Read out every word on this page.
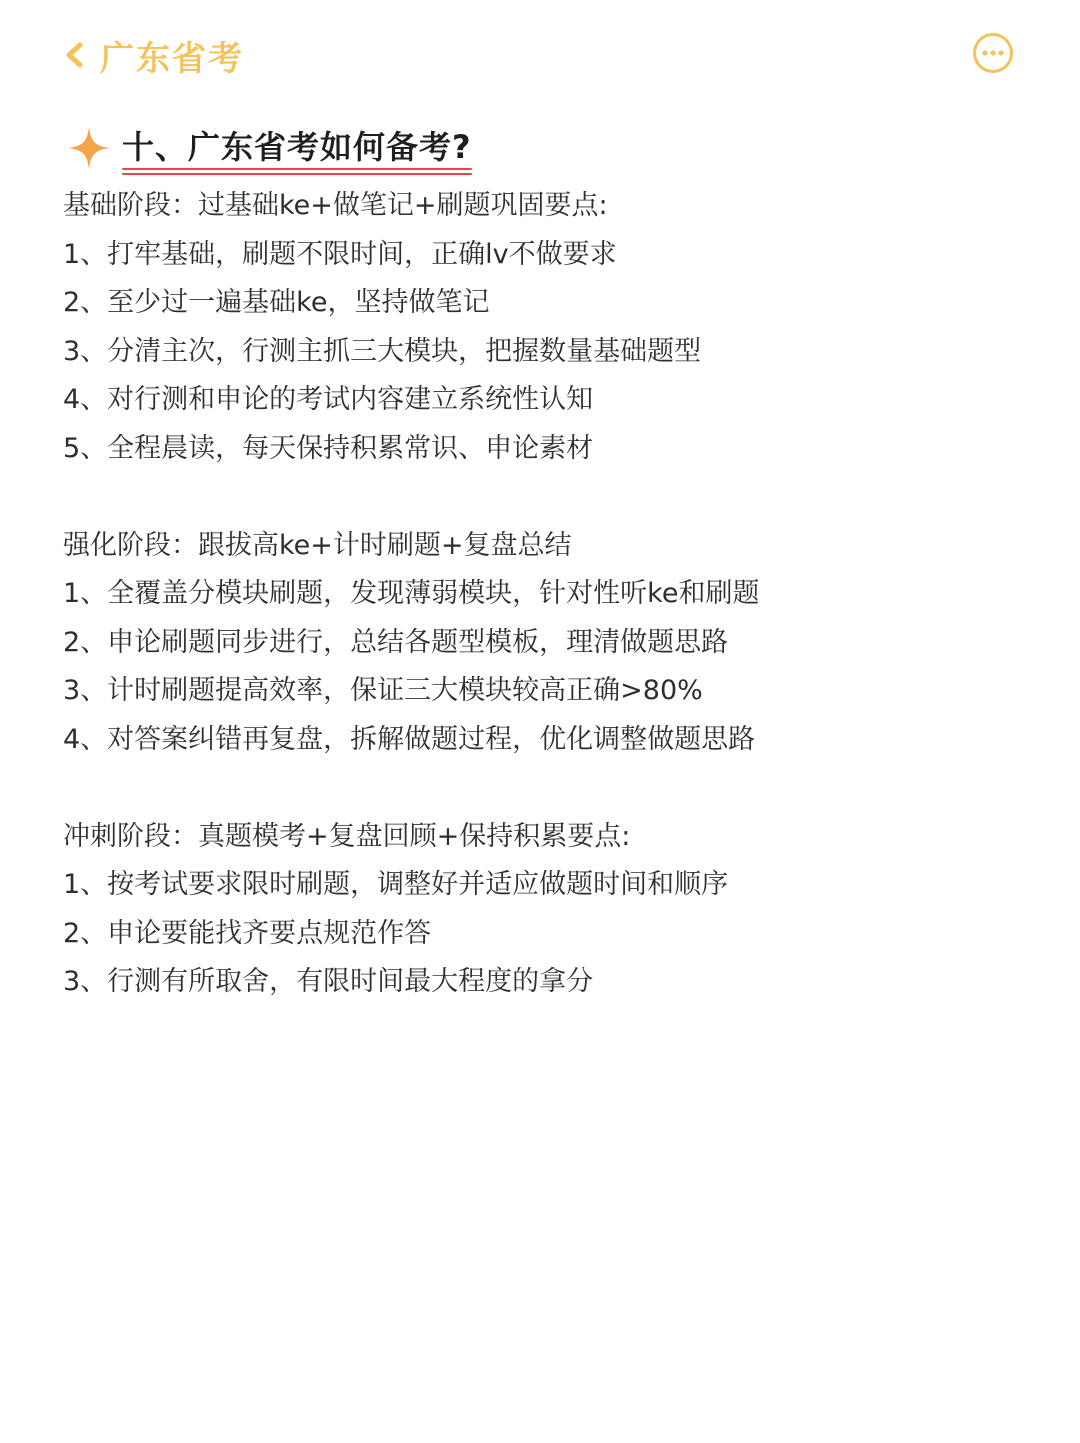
广东省考
十、广东省考如何备考?
基础阶段：过基础ke+做笔记+刷题巩固要点:
1、打牢基础，刷题不限时间，正确lv不做要求
2、至少过一遍基础ke，坚持做笔记
3、分清主次，行测主抓三大模块，把握数量基础题型
4、对行测和申论的考试内容建立系统性认知
5、全程晨读，每天保持积累常识、申论素材
强化阶段：跟拔高ke+计时刷题+复盘总结
1、全覆盖分模块刷题，发现薄弱模块，针对性听ke和刷题
2、申论刷题同步进行，总结各题型模板，理清做题思路
3、计时刷题提高效率，保证三大模块较高正确>80%
4、对答案纠错再复盘，拆解做题过程，优化调整做题思路
冲刺阶段：真题模考+复盘回顾+保持积累要点:
1、按考试要求限时刷题，调整好并适应做题时间和顺序
2、申论要能找齐要点规范作答
3、行测有所取舍，有限时间最大程度的拿分
